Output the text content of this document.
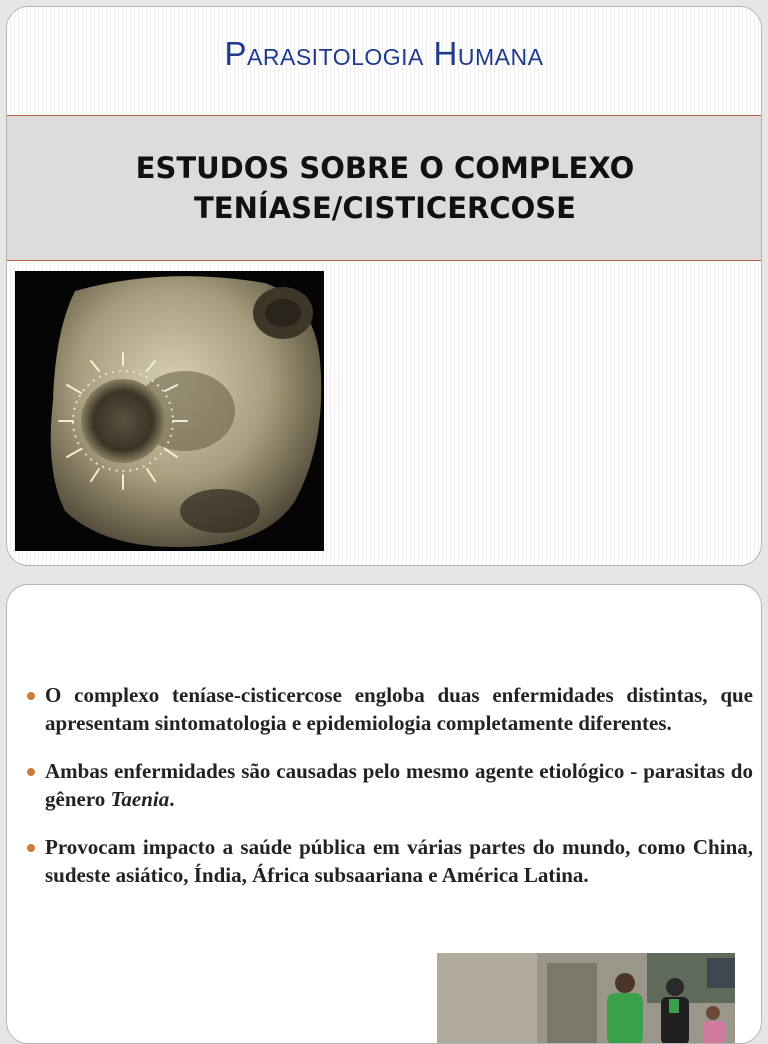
Parasitologia Humana
ESTUDOS SOBRE O COMPLEXO
TENÍASE/CISTICERCOSE
O complexo teníase-cisticercose engloba duas enfermidades distintas, que apresentam sintomatologia e epidemiologia completamente diferentes.
Ambas enfermidades são causadas pelo mesmo agente etiológico - parasitas do gênero Taenia.
Provocam impacto a saúde pública em várias partes do mundo, como China, sudeste asiático, Índia, África subsaariana e América Latina.
